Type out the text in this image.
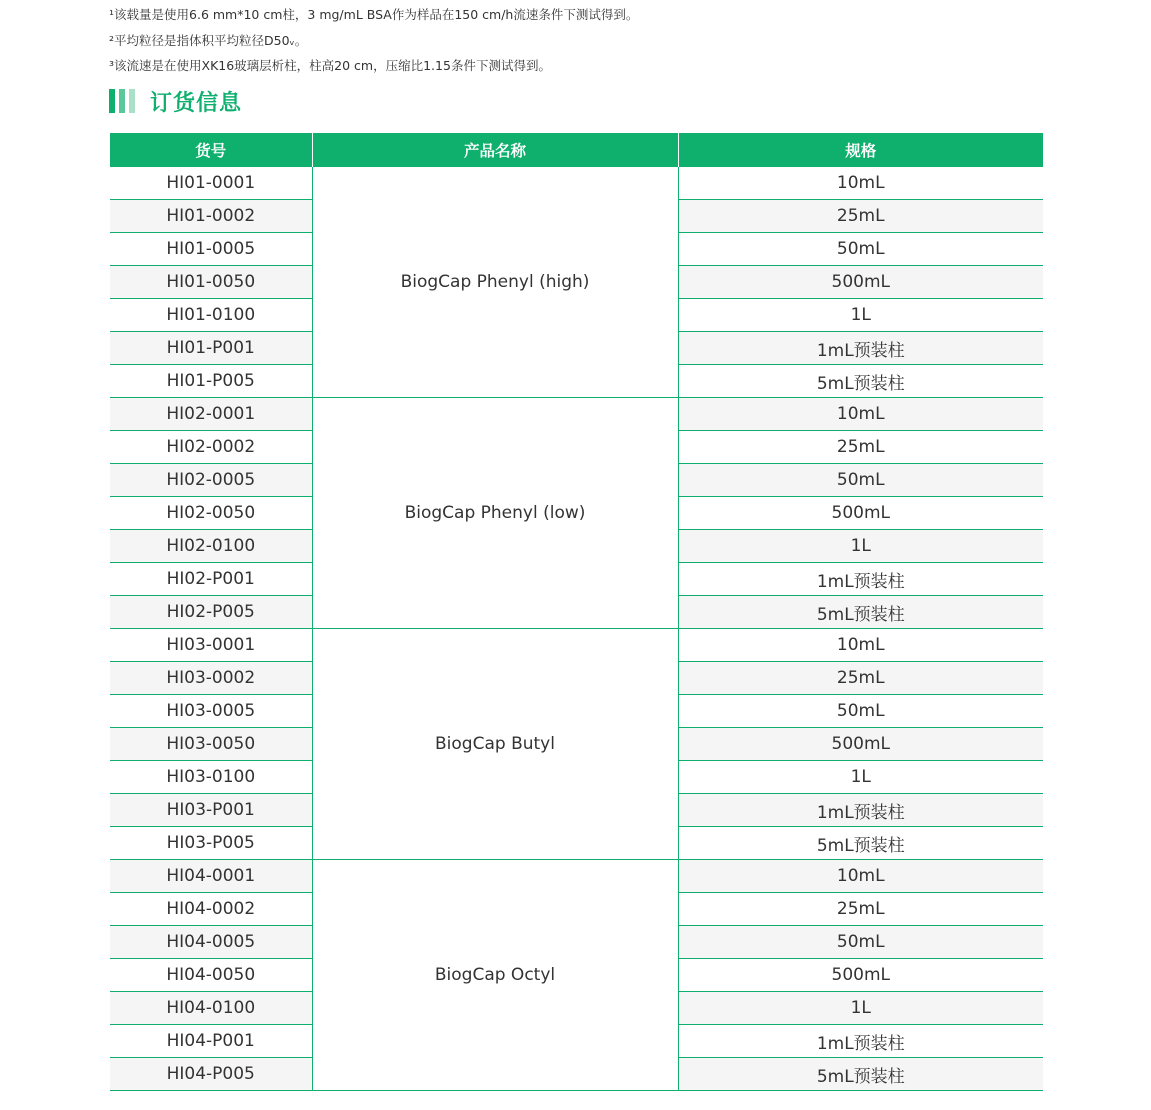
¹该载量是使用6.6 mm*10 cm柱，3 mg/mL BSA作为样品在150 cm/h流速条件下测试得到。
²平均粒径是指体积平均粒径D50ᵥ。
³该流速是在使用XK16玻璃层析柱，柱高20 cm，压缩比1.15条件下测试得到。
订货信息
货号	产品名称	规格
HI01-0001	BiogCap Phenyl (high)	10mL
HI01-0002		25mL
HI01-0005		50mL
HI01-0050		500mL
HI01-0100		1L
HI01-P001		1mL预装柱
HI01-P005		5mL预装柱
HI02-0001	BiogCap Phenyl (low)	10mL
HI02-0002		25mL
HI02-0005		50mL
HI02-0050		500mL
HI02-0100		1L
HI02-P001		1mL预装柱
HI02-P005		5mL预装柱
HI03-0001	BiogCap Butyl	10mL
HI03-0002		25mL
HI03-0005		50mL
HI03-0050		500mL
HI03-0100		1L
HI03-P001		1mL预装柱
HI03-P005		5mL预装柱
HI04-0001	BiogCap Octyl	10mL
HI04-0002		25mL
HI04-0005		50mL
HI04-0050		500mL
HI04-0100		1L
HI04-P001		1mL预装柱
HI04-P005		5mL预装柱
